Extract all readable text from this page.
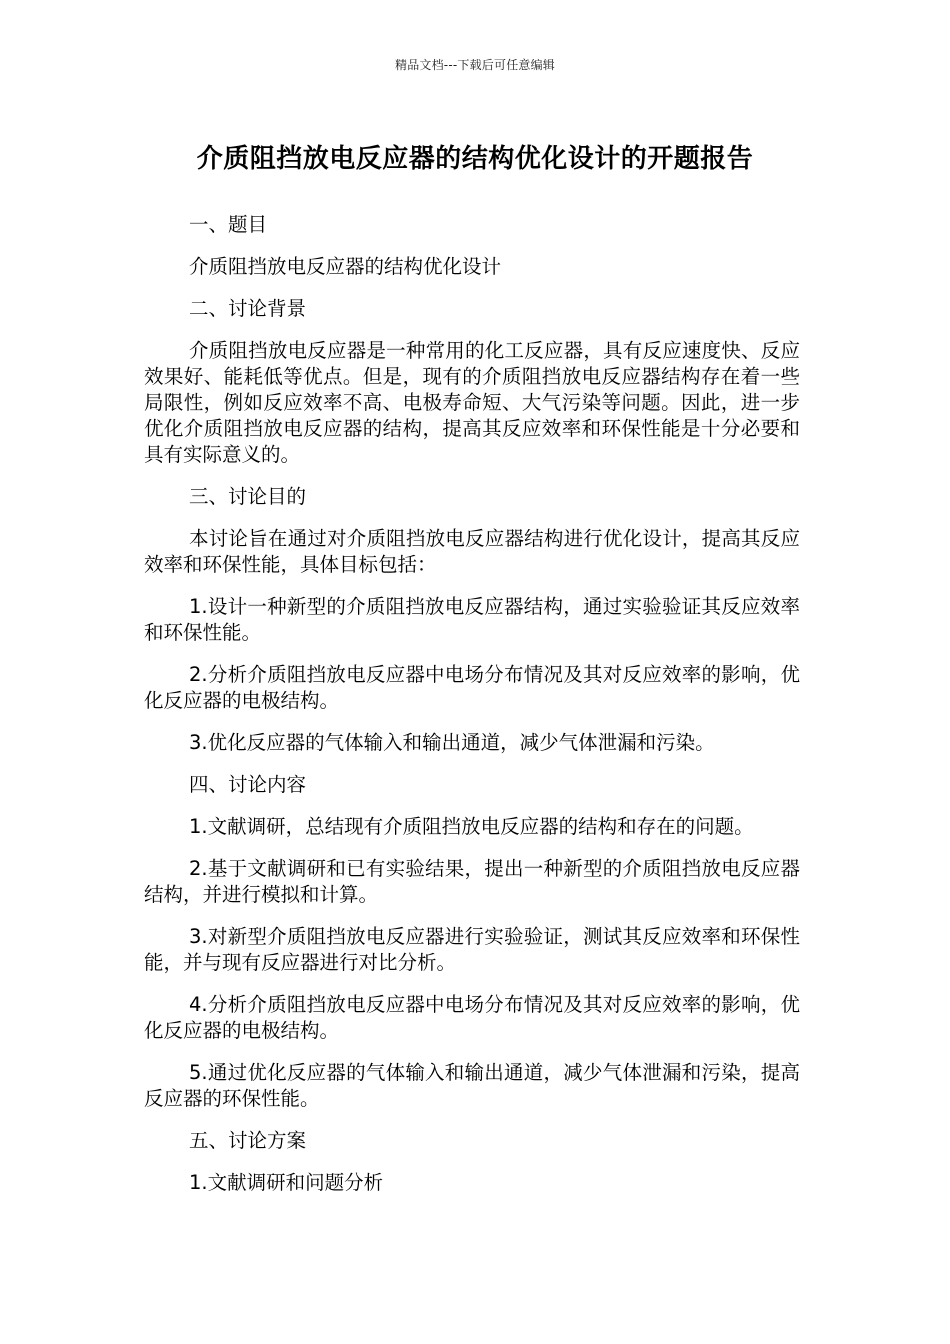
精品文档---下载后可任意编辑
介质阻挡放电反应器的结构优化设计的开题报告

一、题目

介质阻挡放电反应器的结构优化设计

二、讨论背景

介质阻挡放电反应器是一种常用的化工反应器，具有反应速度快、反应效果好、能耗低等优点。但是，现有的介质阻挡放电反应器结构存在着一些局限性，例如反应效率不高、电极寿命短、大气污染等问题。因此，进一步优化介质阻挡放电反应器的结构，提高其反应效率和环保性能是十分必要和具有实际意义的。

三、讨论目的

本讨论旨在通过对介质阻挡放电反应器结构进行优化设计，提高其反应效率和环保性能，具体目标包括：

1.设计一种新型的介质阻挡放电反应器结构，通过实验验证其反应效率和环保性能。

2.分析介质阻挡放电反应器中电场分布情况及其对反应效率的影响，优化反应器的电极结构。

3.优化反应器的气体输入和输出通道，减少气体泄漏和污染。

四、讨论内容

1.文献调研，总结现有介质阻挡放电反应器的结构和存在的问题。

2.基于文献调研和已有实验结果，提出一种新型的介质阻挡放电反应器结构，并进行模拟和计算。

3.对新型介质阻挡放电反应器进行实验验证，测试其反应效率和环保性能，并与现有反应器进行对比分析。

4.分析介质阻挡放电反应器中电场分布情况及其对反应效率的影响，优化反应器的电极结构。

5.通过优化反应器的气体输入和输出通道，减少气体泄漏和污染，提高反应器的环保性能。

五、讨论方案

1.文献调研和问题分析
